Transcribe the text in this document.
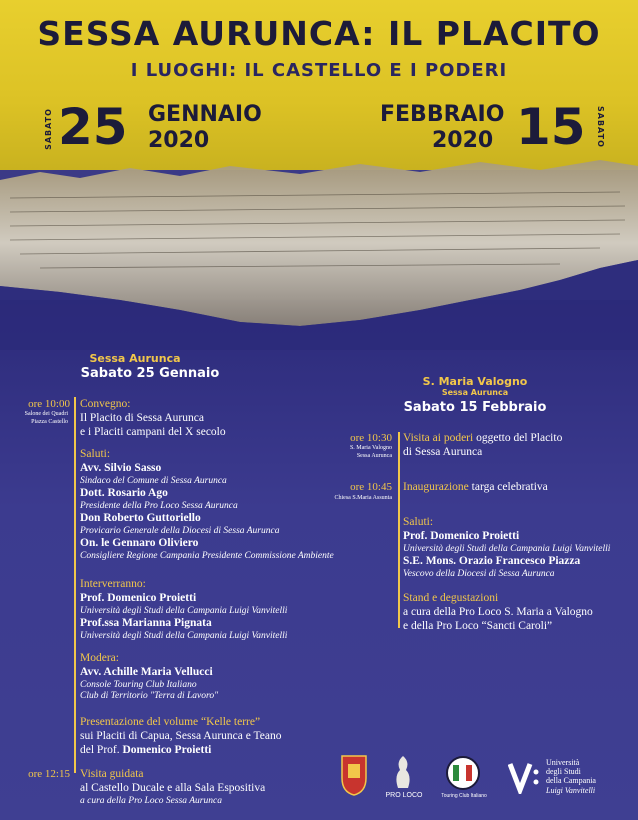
SESSA AURUNCA: IL PLACITO
I LUOGHI: IL CASTELLO E I PODERI
SABATO 25 GENNAIO
2020
FEBBRAIO
2020 15 SABATO
Sessa Aurunca
Sabato 25 Gennaio
ore 10:00
Salone dei Quadri
Piazza Castello
Convegno:
Il Placito di Sessa Aurunca
e i Placiti campani del X secolo
Saluti:
Avv. Silvio Sasso
Sindaco del Comune di Sessa Aurunca
Dott. Rosario Ago
Presidente della Pro Loco Sessa Aurunca
Don Roberto Guttoriello
Provicario Generale della Diocesi di Sessa Aurunca
On. le Gennaro Oliviero
Consigliere Regione Campania Presidente Commissione Ambiente
Interverranno:
Prof. Domenico Proietti
Università degli Studi della Campania Luigi Vanvitelli
Prof.ssa Marianna Pignata
Università degli Studi della Campania Luigi Vanvitelli
Modera:
Avv. Achille Maria Vellucci
Console Touring Club Italiano
Club di Territorio "Terra di Lavoro"
Presentazione del volume “Kelle terre”
sui Placiti di Capua, Sessa Aurunca e Teano
del Prof. Domenico Proietti
ore 12:15 Visita guidata
al Castello Ducale e alla Sala Espositiva
a cura della Pro Loco Sessa Aurunca
S. Maria Valogno
Sessa Aurunca
Sabato 15 Febbraio
ore 10:30
S. Maria Valogno
Sessa Aurunca
Visita ai poderi oggetto del Placito
di Sessa Aurunca
ore 10:45
Chiesa S.Maria Assunta
Inaugurazione targa celebrativa
Saluti:
Prof. Domenico Proietti
Università degli Studi della Campania Luigi Vanvitelli
S.E. Mons. Orazio Francesco Piazza
Vescovo della Diocesi di Sessa Aurunca
Stand e degustazioni
a cura della Pro Loco S. Maria a Valogno
e della Pro Loco “Sancti Caroli”
PRO LOCO	Touring Club Italiano
Università
degli Studi
della Campania
Luigi Vanvitelli
